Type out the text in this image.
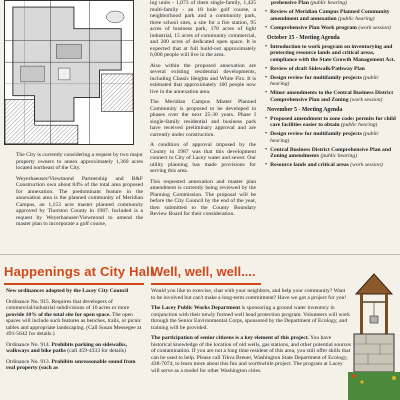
The City is currently considering a request by two major property owners to annex approximately 1,360 acres located northeast of the City.

Weyerhaeuser/Viewmond Partnership and B&F Construction own about 84% of the total area proposed for annexation. The predominant feature in the annexation area is the planned community of Meridian Campus, an 1,153 acre master planned community approved by Thurston County in 1987. Included is a request by Weyerhaeuser/Viewmond to amend the master plan to incorporate a golf course,

ing units - 1,073 of them single-family, 1,425 multi-family - an 18 hole golf course, a neighborhood park and a community park, three school sites, a site for a fire station, 95 acres of business park, 170 acres of light industrial, 15 acres of community commercial, and 200 acres of dedicated open space. It is expected that at full build-out approximately 6,000 people will live in the area.

Also within the proposed annexation are several existing residential developments, including Classic Heights and White Firs. It is estimated that approximately 160 people now live in the annexation area.

The Meridian Campus Master Planned Community is proposed to be developed in phases over the next 25-30 years. Phase I single-family residential and business park have received preliminary approval and are currently under construction.

A condition of approval imposed by the County in 1987 was that this development connect to City of Lacey water and sewer. Our utility planning has made provisions for serving this area.

This requested annexation and master plan amendment is currently being reviewed by the Planning Commission. The proposal will be before the City Council by the end of the year, then submitted to the County Boundary Review Board for their consideration.

prehensive Plan (public hearing)
• Review of Meridian Campus Planned Community amendment and annexation (public hearing)
• Comprehensive Plan Work program (work session)
October 15 - Meeting Agenda
• Introduction to work program on inventorying and protecting resource lands and critical areas, compliance with the State Growth Management Act.
• Review of draft Sidewalk/Pathway Plan
• Design review for multifamily projects (public hearing)
• Minor amendments to the Central Business District Comprehensive Plan and Zoning (work session)
November 5 - Meeting Agenda
• Proposed amendment to zone code: permits for child care facilities easier to obtain (public hearing)
• Design review for multifamily projects (public hearing)
• Central Business District Comprehensive Plan and Zoning amendments (public hearing)
• Resource lands and critical areas (work session)
Happenings at City Hall

New ordinances adopted by the Lacey City Council

Ordinance No. 915. Requires that developers of commercial/industrial subdivisions of 10 acres or more provide 10% of the total site for open space. The open spaces will include such features as benches, trails, or picnic tables and appropriate landscaping. (Call Susan Messegee at 491-5642 for details.)

Ordinance No. 914. Prohibits parking on sidewalks, walkways and bike paths (call 459-4333 for details)

Ordinance No. 913. Prohibits unreasonable sound from real property (such as

Well, well, well....

Would you like to exercise, chat with your neighbors, and help your community? Want to be involved but can't make a long-term commitment? Have we got a project for you!

The Lacey Public Works Department is sponsoring a ground water inventory in conjunction with their newly formed well head protection program. Volunteers will work through the Senior Environmental Corps, sponsored by the Department of Ecology, and training will be provided.

The participation of senior citizens is a key element of this project. You have historical knowledge of the location of old wells, gas stations, and other potential sources of contamination. If you are not a long time resident of this area, you still offer skills that can be used to help. Please call Tikva Breuer, Washington State Department of Ecology, 438-7074, to learn more about this fun and worthwhile project. The program at Lacey will serve as a model for other Washington cities.
